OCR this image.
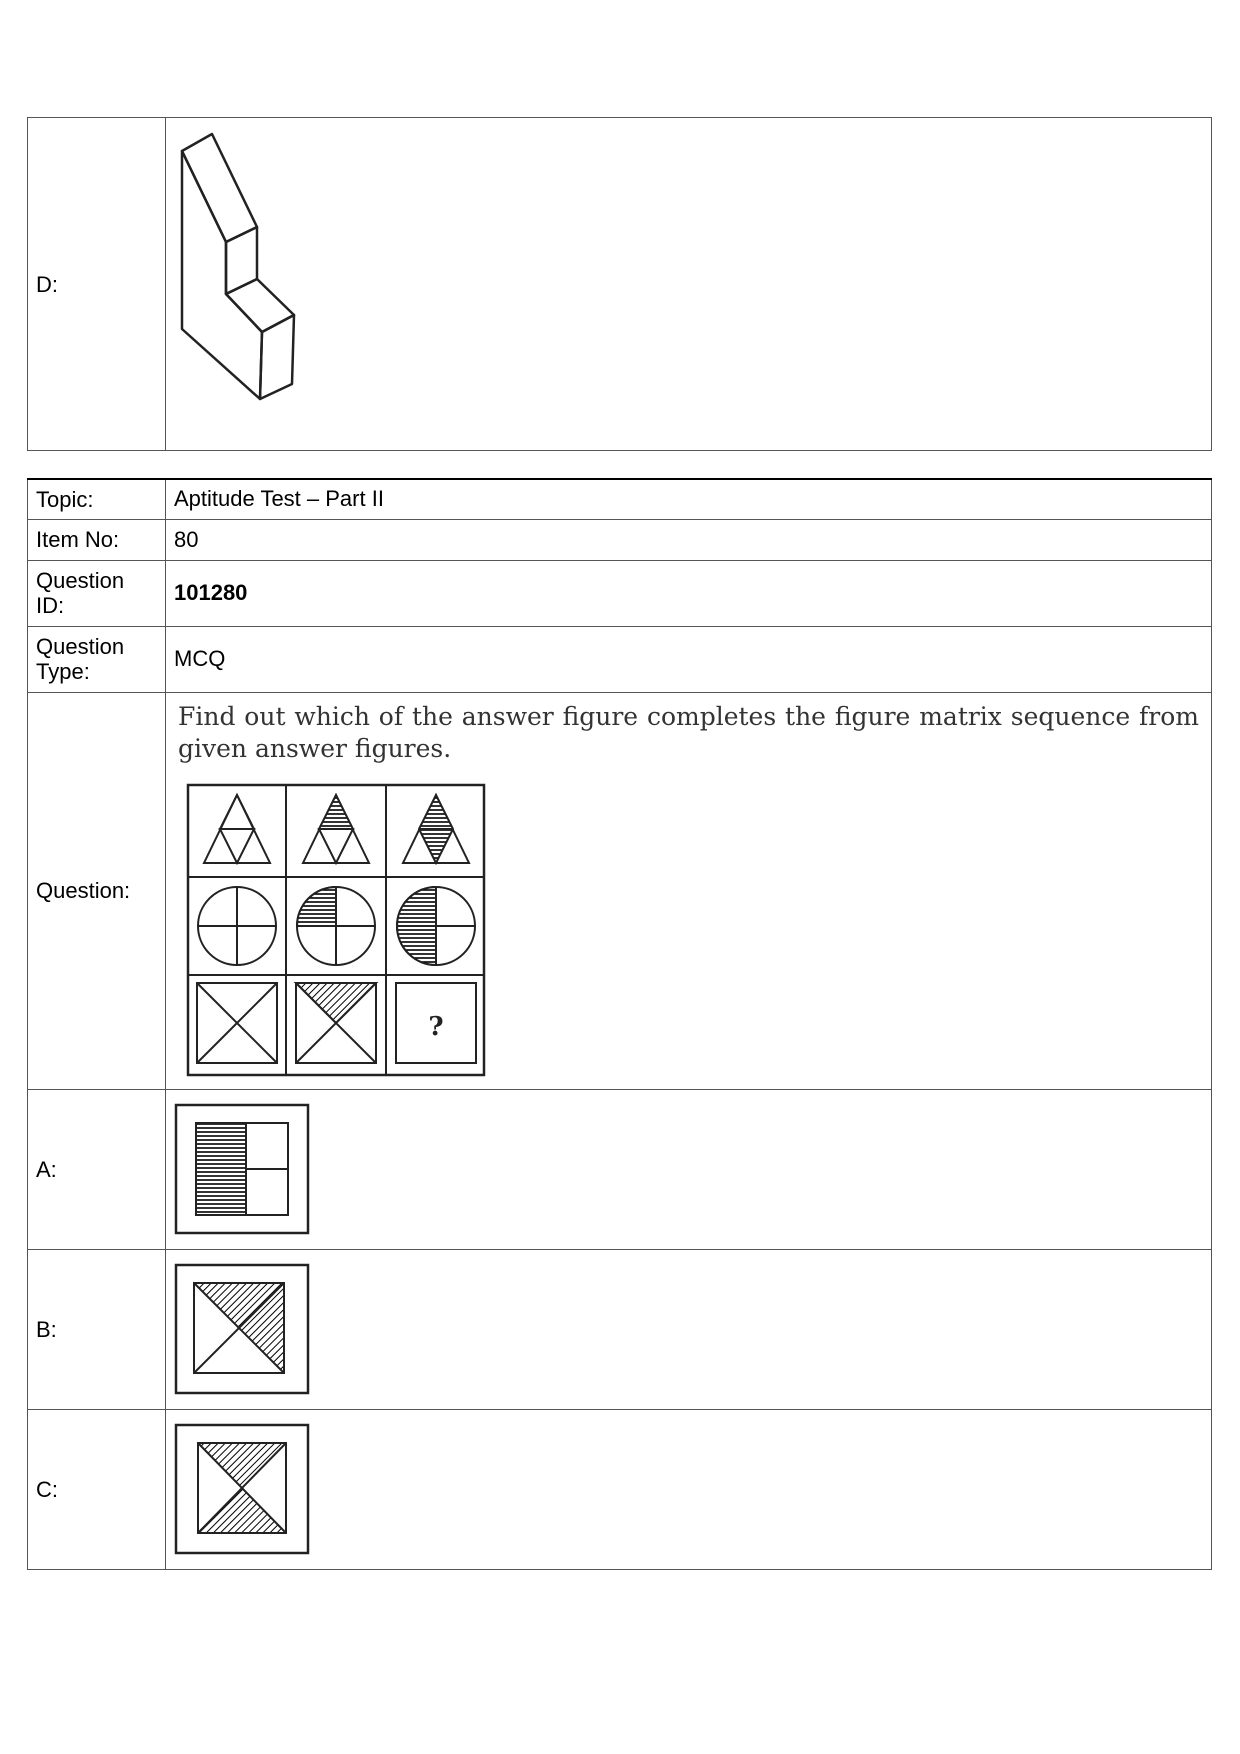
D:	
Topic:	Aptitude Test – Part II
Item No:	80
Question ID:	101280
Question Type:	MCQ
Question:	Find out which of the answer figure completes the figure matrix sequence from given answer figures.
?

A:	

B:	

C:	
